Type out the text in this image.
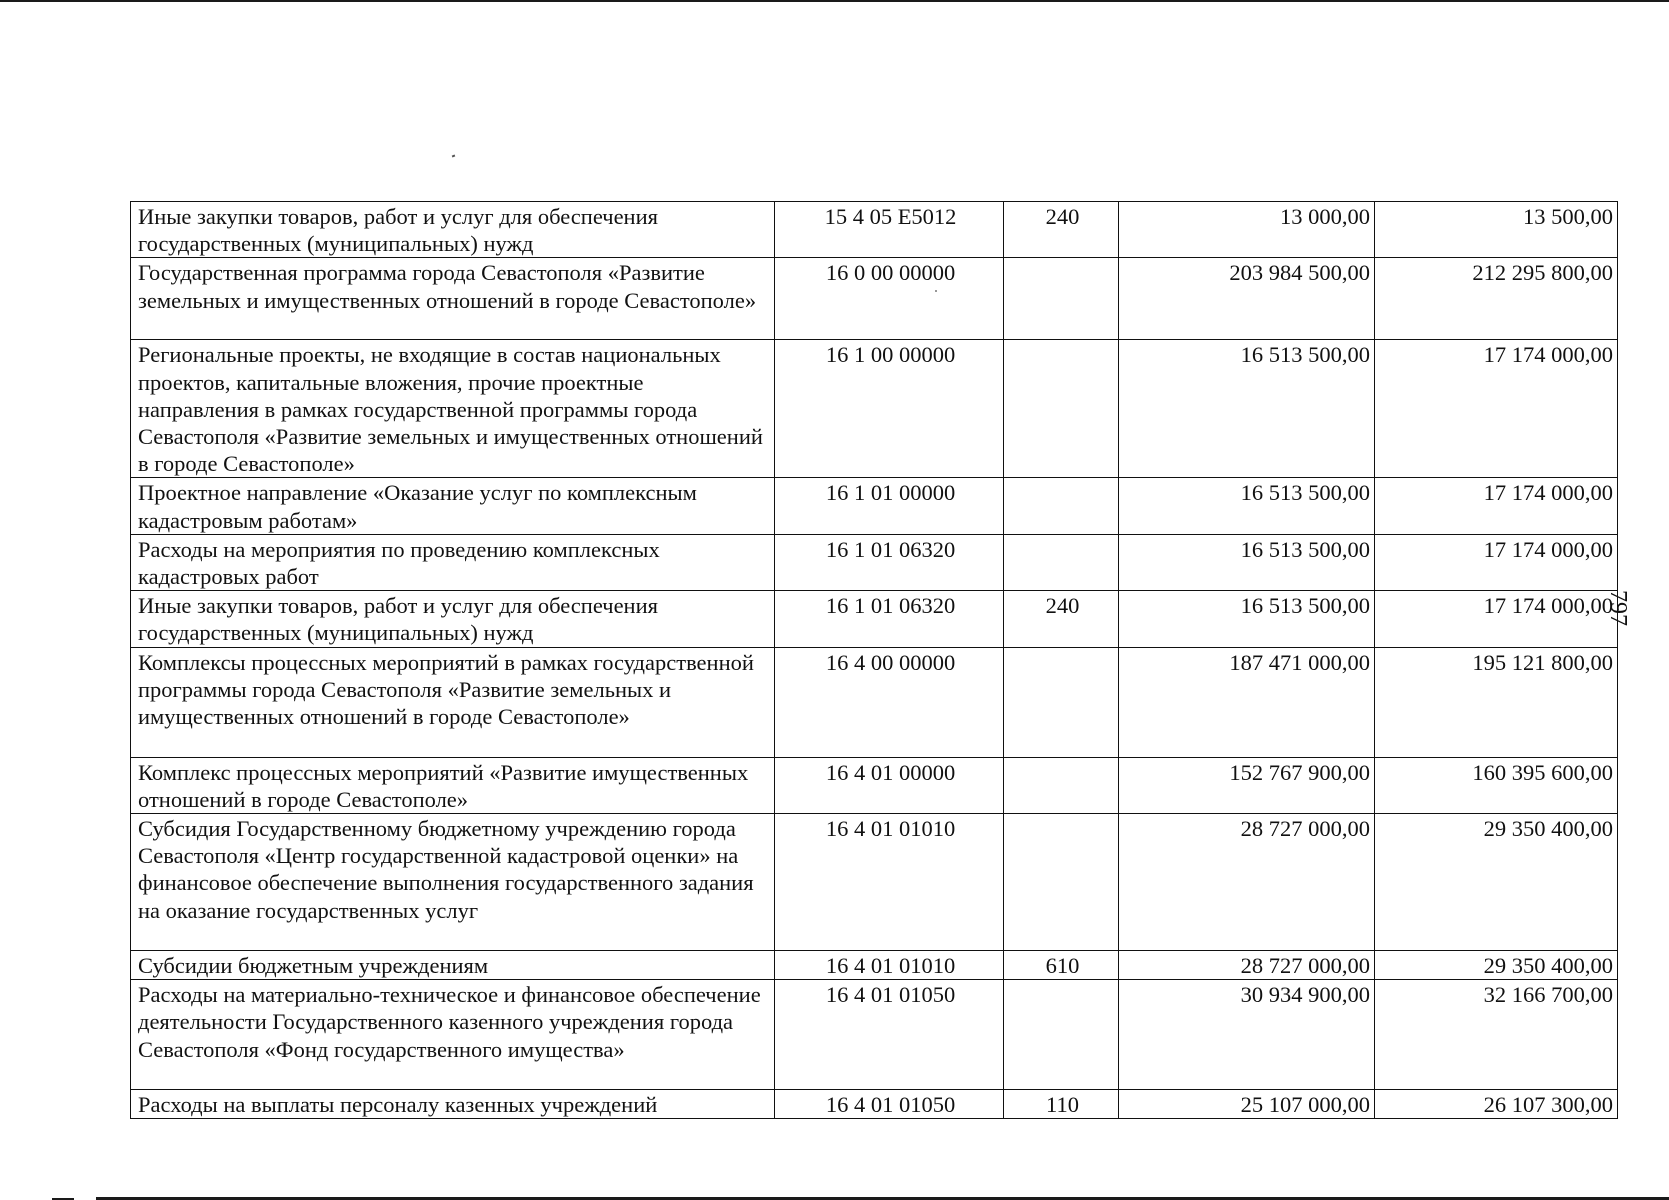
Иные закупки товаров, работ и услуг для обеспечения государственных (муниципальных) нужд	15 4 05 E5012	240	13 000,00	13 500,00
Государственная программа города Севастополя «Развитие земельных и имущественных отношений в городе Севастополе»	16 0 00 00000		203 984 500,00	212 295 800,00
Региональные проекты, не входящие в состав национальных проектов, капитальные вложения, прочие проектные направления в рамках государственной программы города Севастополя «Развитие земельных и имущественных отношений в городе Севастополе»	16 1 00 00000		16 513 500,00	17 174 000,00
Проектное направление «Оказание услуг по комплексным кадастровым работам»	16 1 01 00000		16 513 500,00	17 174 000,00
Расходы на мероприятия по проведению комплексных кадастровых работ	16 1 01 06320		16 513 500,00	17 174 000,00
Иные закупки товаров, работ и услуг для обеспечения государственных (муниципальных) нужд	16 1 01 06320	240	16 513 500,00	17 174 000,00
Комплексы процессных мероприятий в рамках государственной программы города Севастополя «Развитие земельных и имущественных отношений в городе Севастополе»	16 4 00 00000		187 471 000,00	195 121 800,00
Комплекс процессных мероприятий «Развитие имущественных отношений в городе Севастополе»	16 4 01 00000		152 767 900,00	160 395 600,00
Субсидия Государственному бюджетному учреждению города Севастополя «Центр государственной кадастровой оценки» на финансовое обеспечение выполнения государственного задания на оказание государственных услуг	16 4 01 01010		28 727 000,00	29 350 400,00
Субсидии бюджетным учреждениям	16 4 01 01010	610	28 727 000,00	29 350 400,00
Расходы на материально-техническое и финансовое обеспечение деятельности Государственного казенного учреждения города Севастополя «Фонд государственного имущества»	16 4 01 01050		30 934 900,00	32 166 700,00
Расходы на выплаты персоналу казенных учреждений	16 4 01 01050	110	25 107 000,00	26 107 300,00
797
